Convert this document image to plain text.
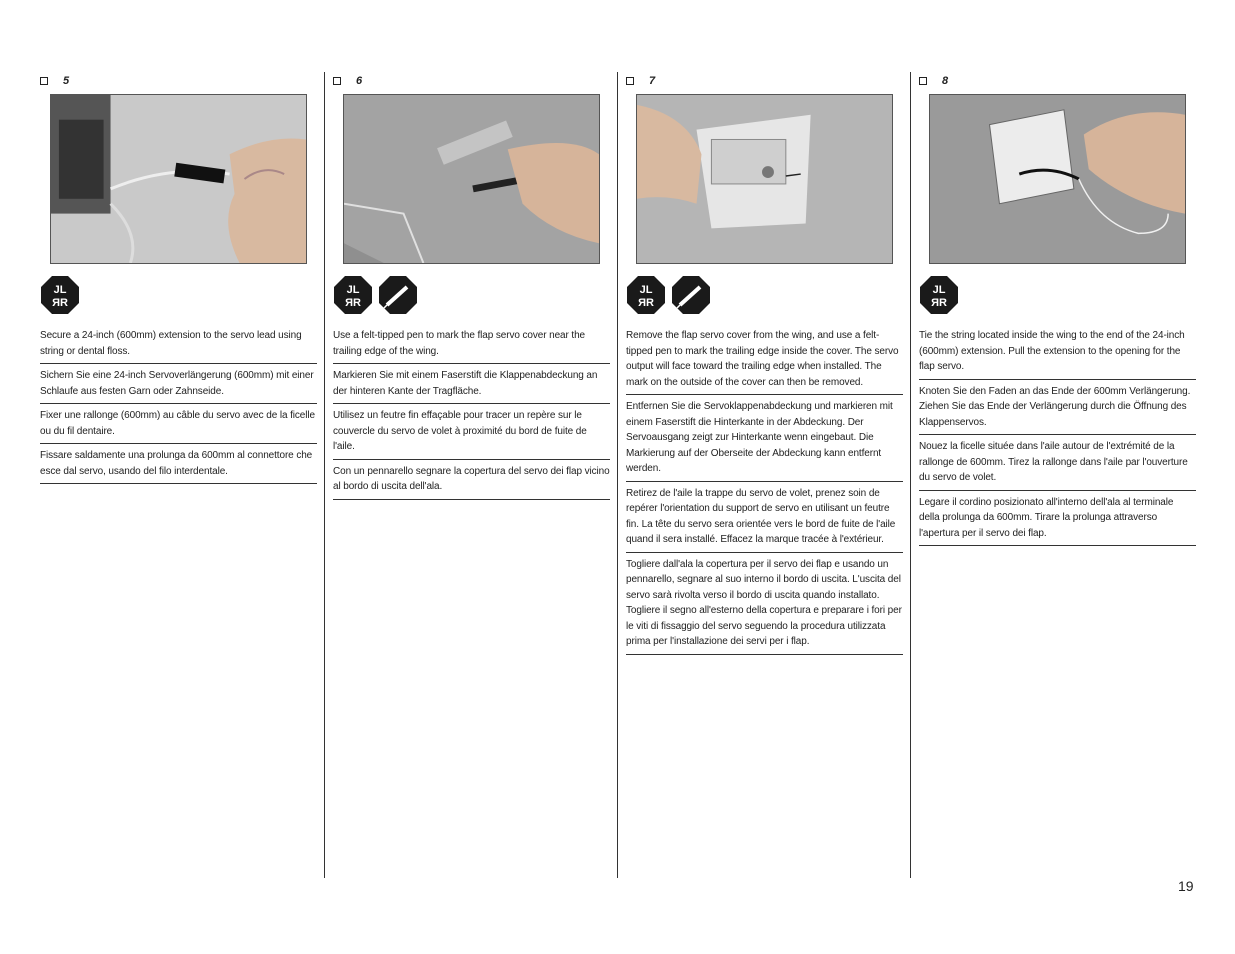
5
JL
ЯR
Secure a 24-inch (600mm) extension to the servo lead using string or dental floss.
Sichern Sie eine 24-inch Servoverlängerung (600mm) mit einer Schlaufe aus festen Garn oder Zahnseide.
Fixer une rallonge (600mm) au câble du servo avec de la ficelle ou du fil dentaire.
Fissare saldamente una prolunga da 600mm al connettore che esce dal servo, usando del filo interdentale.
6
JL
ЯR
Use a felt-tipped pen to mark the flap servo cover near the trailing edge of the wing.
Markieren Sie mit einem Faserstift die Klappenabdeckung an der hinteren Kante der Tragfläche.
Utilisez un feutre fin effaçable pour tracer un repère sur le couvercle du servo de volet à proximité du bord de fuite de l'aile.
Con un pennarello segnare la copertura del servo dei flap vicino al bordo di uscita dell'ala.
7
JL
ЯR
Remove the flap servo cover from the wing, and use a felt-tipped pen to mark the trailing edge inside the cover. The servo output will face toward the trailing edge when installed. The mark on the outside of the cover can then be removed.
Entfernen Sie die Servoklappenabdeckung und markieren mit einem Faserstift die Hinterkante in der Abdeckung. Der Servoausgang zeigt zur Hinterkante wenn eingebaut. Die Markierung auf der Oberseite der Abdeckung kann entfernt werden.
Retirez de l'aile la trappe du servo de volet, prenez soin de repérer l'orientation du support de servo en utilisant un feutre fin. La tête du servo sera orientée vers le bord de fuite de l'aile quand il sera installé. Effacez la marque tracée à l'extérieur.
Togliere dall'ala la copertura per il servo dei flap e usando un pennarello, segnare al suo interno il bordo di uscita. L'uscita del servo sarà rivolta verso il bordo di uscita quando installato. Togliere il segno all'esterno della copertura e preparare i fori per le viti di fissaggio del servo seguendo la procedura utilizzata prima per l'installazione dei servi per i flap.
8
JL
ЯR
Tie the string located inside the wing to the end of the 24-inch (600mm) extension. Pull the extension to the opening for the flap servo.
Knoten Sie den Faden an das Ende der 600mm Verlängerung. Ziehen Sie das Ende der Verlängerung durch die Öffnung des Klappenservos.
Nouez la ficelle située dans l'aile autour de l'extrémité de la rallonge de 600mm. Tirez la rallonge dans l'aile par l'ouverture du servo de volet.
Legare il cordino posizionato all'interno dell'ala al terminale della prolunga da 600mm. Tirare la prolunga attraverso l'apertura per il servo dei flap.
19
